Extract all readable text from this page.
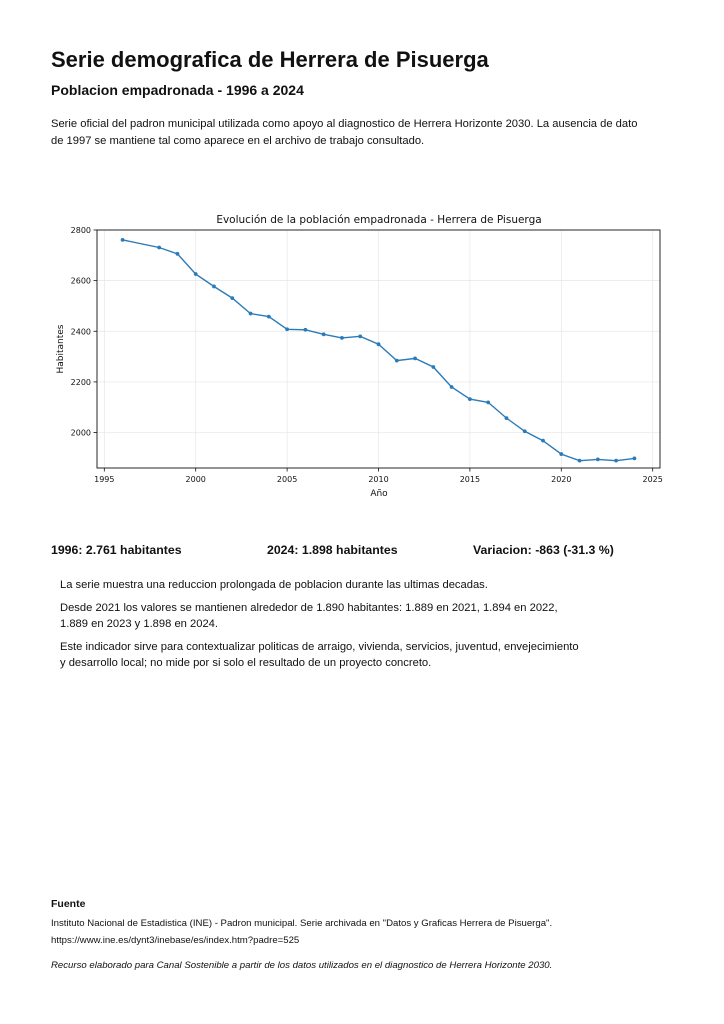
Serie demografica de Herrera de Pisuerga
Poblacion empadronada - 1996 a 2024

Serie oficial del padron municipal utilizada como apoyo al diagnostico de Herrera Horizonte 2030. La ausencia de dato de 1997 se mantiene tal como aparece en el archivo de trabajo consultado.

Evolución de la población empadronada - Herrera de Pisuerga
1995	2000	2005	2010	2015	2020	2025
2000
2200
2400
2600
2800
Año
Habitantes
1996: 2.761 habitantes	2024: 1.898 habitantes	Variacion: -863 (-31.3 %)

La serie muestra una reduccion prolongada de poblacion durante las ultimas decadas.

Desde 2021 los valores se mantienen alrededor de 1.890 habitantes: 1.889 en 2021, 1.894 en 2022, 1.889 en 2023 y 1.898 en 2024.

Este indicador sirve para contextualizar politicas de arraigo, vivienda, servicios, juventud, envejecimiento y desarrollo local; no mide por si solo el resultado de un proyecto concreto.

Fuente

Instituto Nacional de Estadistica (INE) - Padron municipal. Serie archivada en "Datos y Graficas Herrera de Pisuerga".

https://www.ine.es/dynt3/inebase/es/index.htm?padre=525

Recurso elaborado para Canal Sostenible a partir de los datos utilizados en el diagnostico de Herrera Horizonte 2030.
